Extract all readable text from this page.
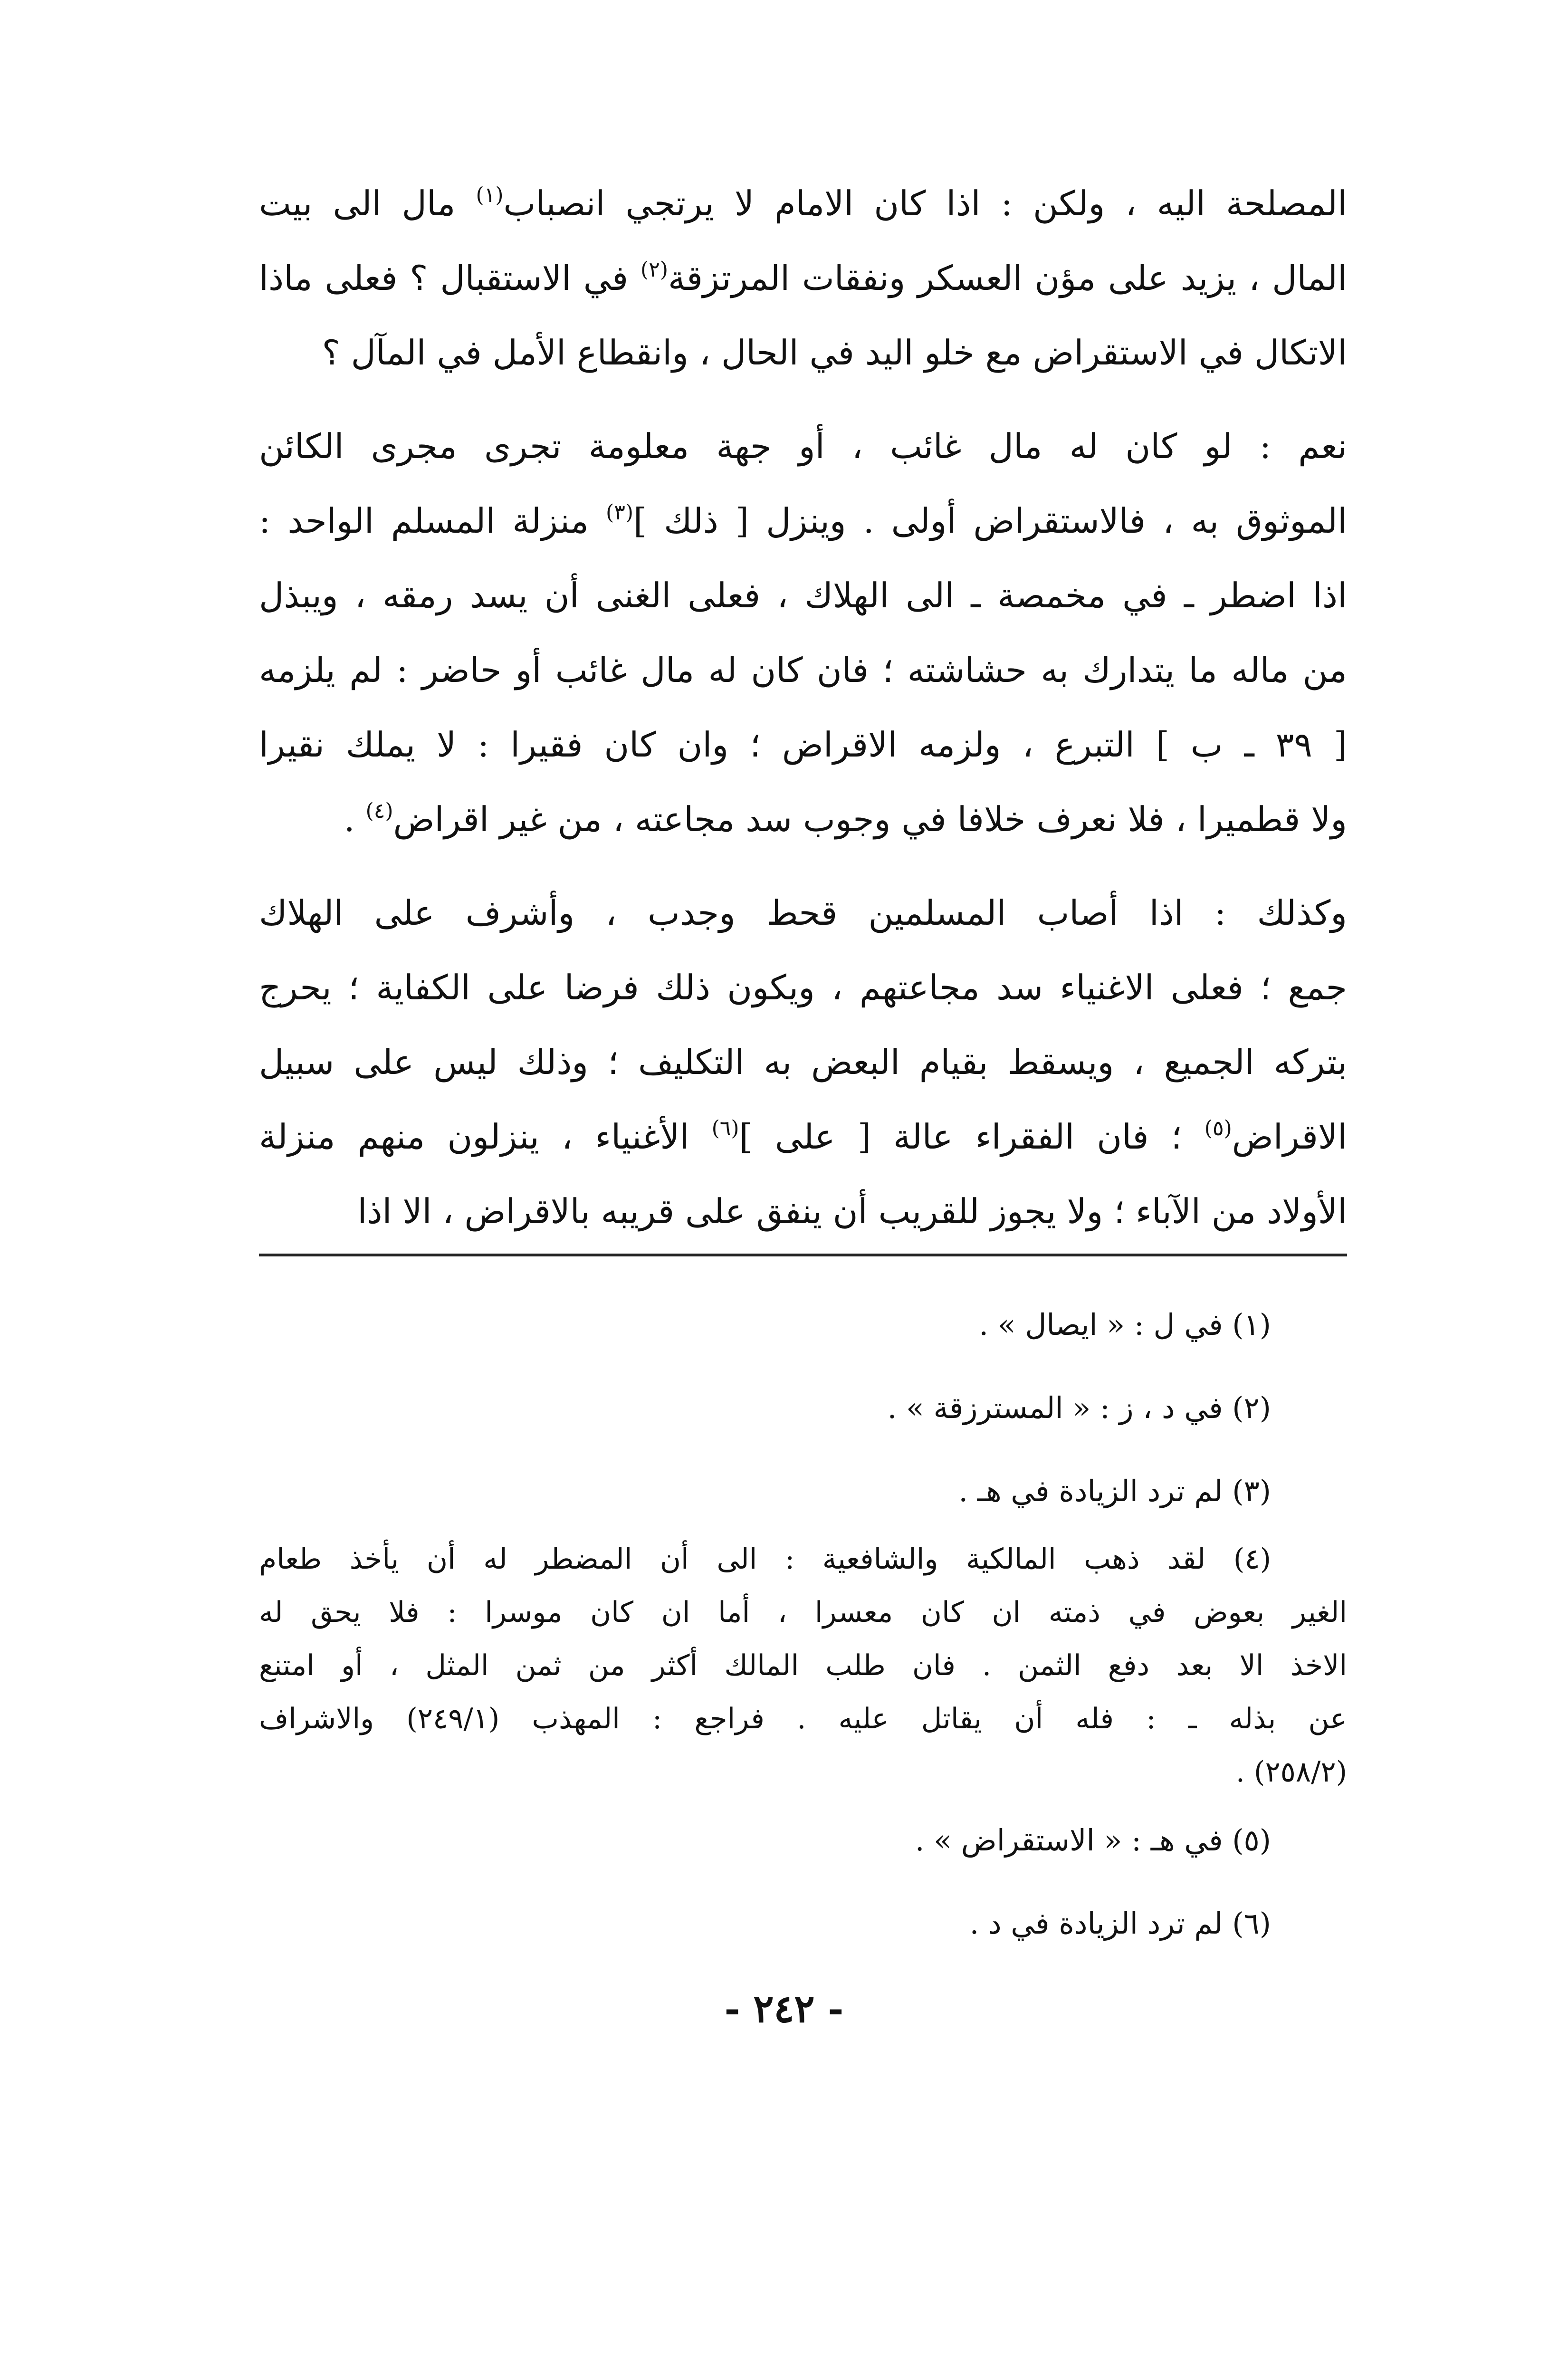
المصلحة اليه ، ولكن : اذا كان الامام لا يرتجي انصباب$^{(١)}$ مال الى بيت
المال ، يزيد على مؤن العسكر ونفقات المرتزقة$^{(٢)}$ في الاستقبال ؟ فعلى ماذا
الاتكال في الاستقراض مع خلو اليد في الحال ، وانقطاع الأمل في المآل ؟

نعم : لو كان له مال غائب ، أو جهة معلومة تجرى مجرى الكائن
الموثوق به ، فالاستقراض أولى . وينزل [ ذلك ]$^{(٣)}$ منزلة المسلم الواحد :
اذا اضطر ـ في مخمصة ـ الى الهلاك ، فعلى الغنى أن يسد رمقه ، ويبذل
من ماله ما يتدارك به حشاشته ؛ فان كان له مال غائب أو حاضر : لم يلزمه
[ ٣٩ ـ ب ] التبرع ، ولزمه الاقراض ؛ وان كان فقيرا : لا يملك نقيرا
ولا قطميرا ، فلا نعرف خلافا في وجوب سد مجاعته ، من غير اقراض$^{(٤)}$ .

وكذلك : اذا أصاب المسلمين قحط وجدب ، وأشرف على الهلاك
جمع ؛ فعلى الاغنياء سد مجاعتهم ، ويكون ذلك فرضا على الكفاية ؛ يحرج
بتركه الجميع ، ويسقط بقيام البعض به التكليف ؛ وذلك ليس على سبيل
الاقراض$^{(٥)}$ ؛ فان الفقراء عالة [ على ]$^{(٦)}$ الأغنياء ، ينزلون منهم منزلة
الأولاد من الآباء ؛ ولا يجوز للقريب أن ينفق على قريبه بالاقراض ، الا اذا

(١) في ل : « ايصال » .

(٢) في د ، ز : « المسترزقة » .

(٣) لم ترد الزيادة في هـ .

(٤) لقد ذهب المالكية والشافعية : الى أن المضطر له أن يأخذ طعام
الغير بعوض في ذمته ان كان معسرا ، أما ان كان موسرا : فلا يحق له
الاخذ الا بعد دفع الثمن . فان طلب المالك أكثر من ثمن المثل ، أو امتنع
عن بذله ـ : فله أن يقاتل عليه . فراجع : المهذب (٢٤٩/١) والاشراف
(٢٥٨/٢) .

(٥) في هـ : « الاستقراض » .

(٦) لم ترد الزيادة في د .

- ٢٤٢ -
